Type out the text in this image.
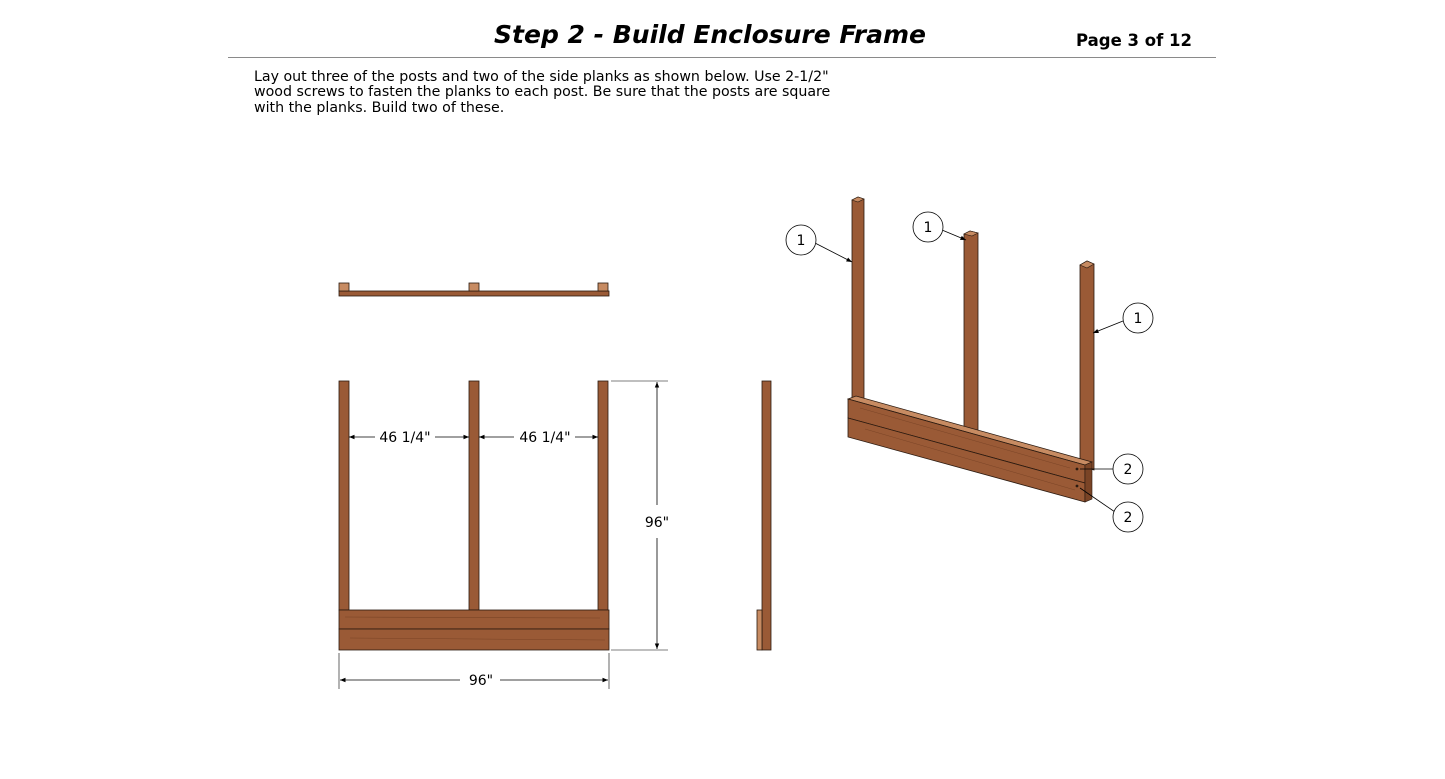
Step 2 - Build Enclosure Frame	Page 3 of 12
Lay out three of the posts and two of the side planks as shown below. Use 2-1/2"
wood screws to fasten the planks to each post. Be sure that the posts are square
with the planks. Build two of these.
46 1/4"	46 1/4"
96"
96"
1
1
1
2
2
